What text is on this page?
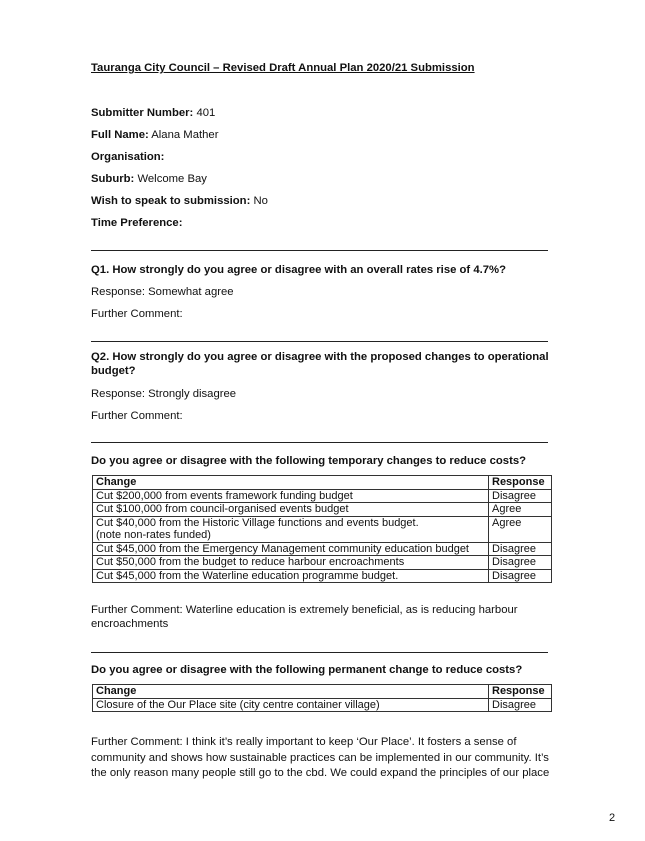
Tauranga City Council – Revised Draft Annual Plan 2020/21 Submission
Submitter Number: 401
Full Name: Alana Mather
Organisation:
Suburb: Welcome Bay
Wish to speak to submission: No
Time Preference:
Q1. How strongly do you agree or disagree with an overall rates rise of 4.7%?
Response: Somewhat agree
Further Comment:
Q2. How strongly do you agree or disagree with the proposed changes to operational budget?
Response: Strongly disagree
Further Comment:
Do you agree or disagree with the following temporary changes to reduce costs?
Change	Response
Cut $200,000 from events framework funding budget	Disagree
Cut $100,000 from council-organised events budget	Agree
Cut $40,000 from the Historic Village functions and events budget.
(note non-rates funded)	Agree
Cut $45,000 from the Emergency Management community education budget	Disagree
Cut $50,000 from the budget to reduce harbour encroachments	Disagree
Cut $45,000 from the Waterline education programme budget.	Disagree
Further Comment: Waterline education is extremely beneficial, as is reducing harbour encroachments
Do you agree or disagree with the following permanent change to reduce costs?
Change	Response
Closure of the Our Place site (city centre container village)	Disagree
Further Comment: I think it’s really important to keep ‘Our Place’. It fosters a sense of community and shows how sustainable practices can be implemented in our community. It’s the only reason many people still go to the cbd. We could expand the principles of our place
2
